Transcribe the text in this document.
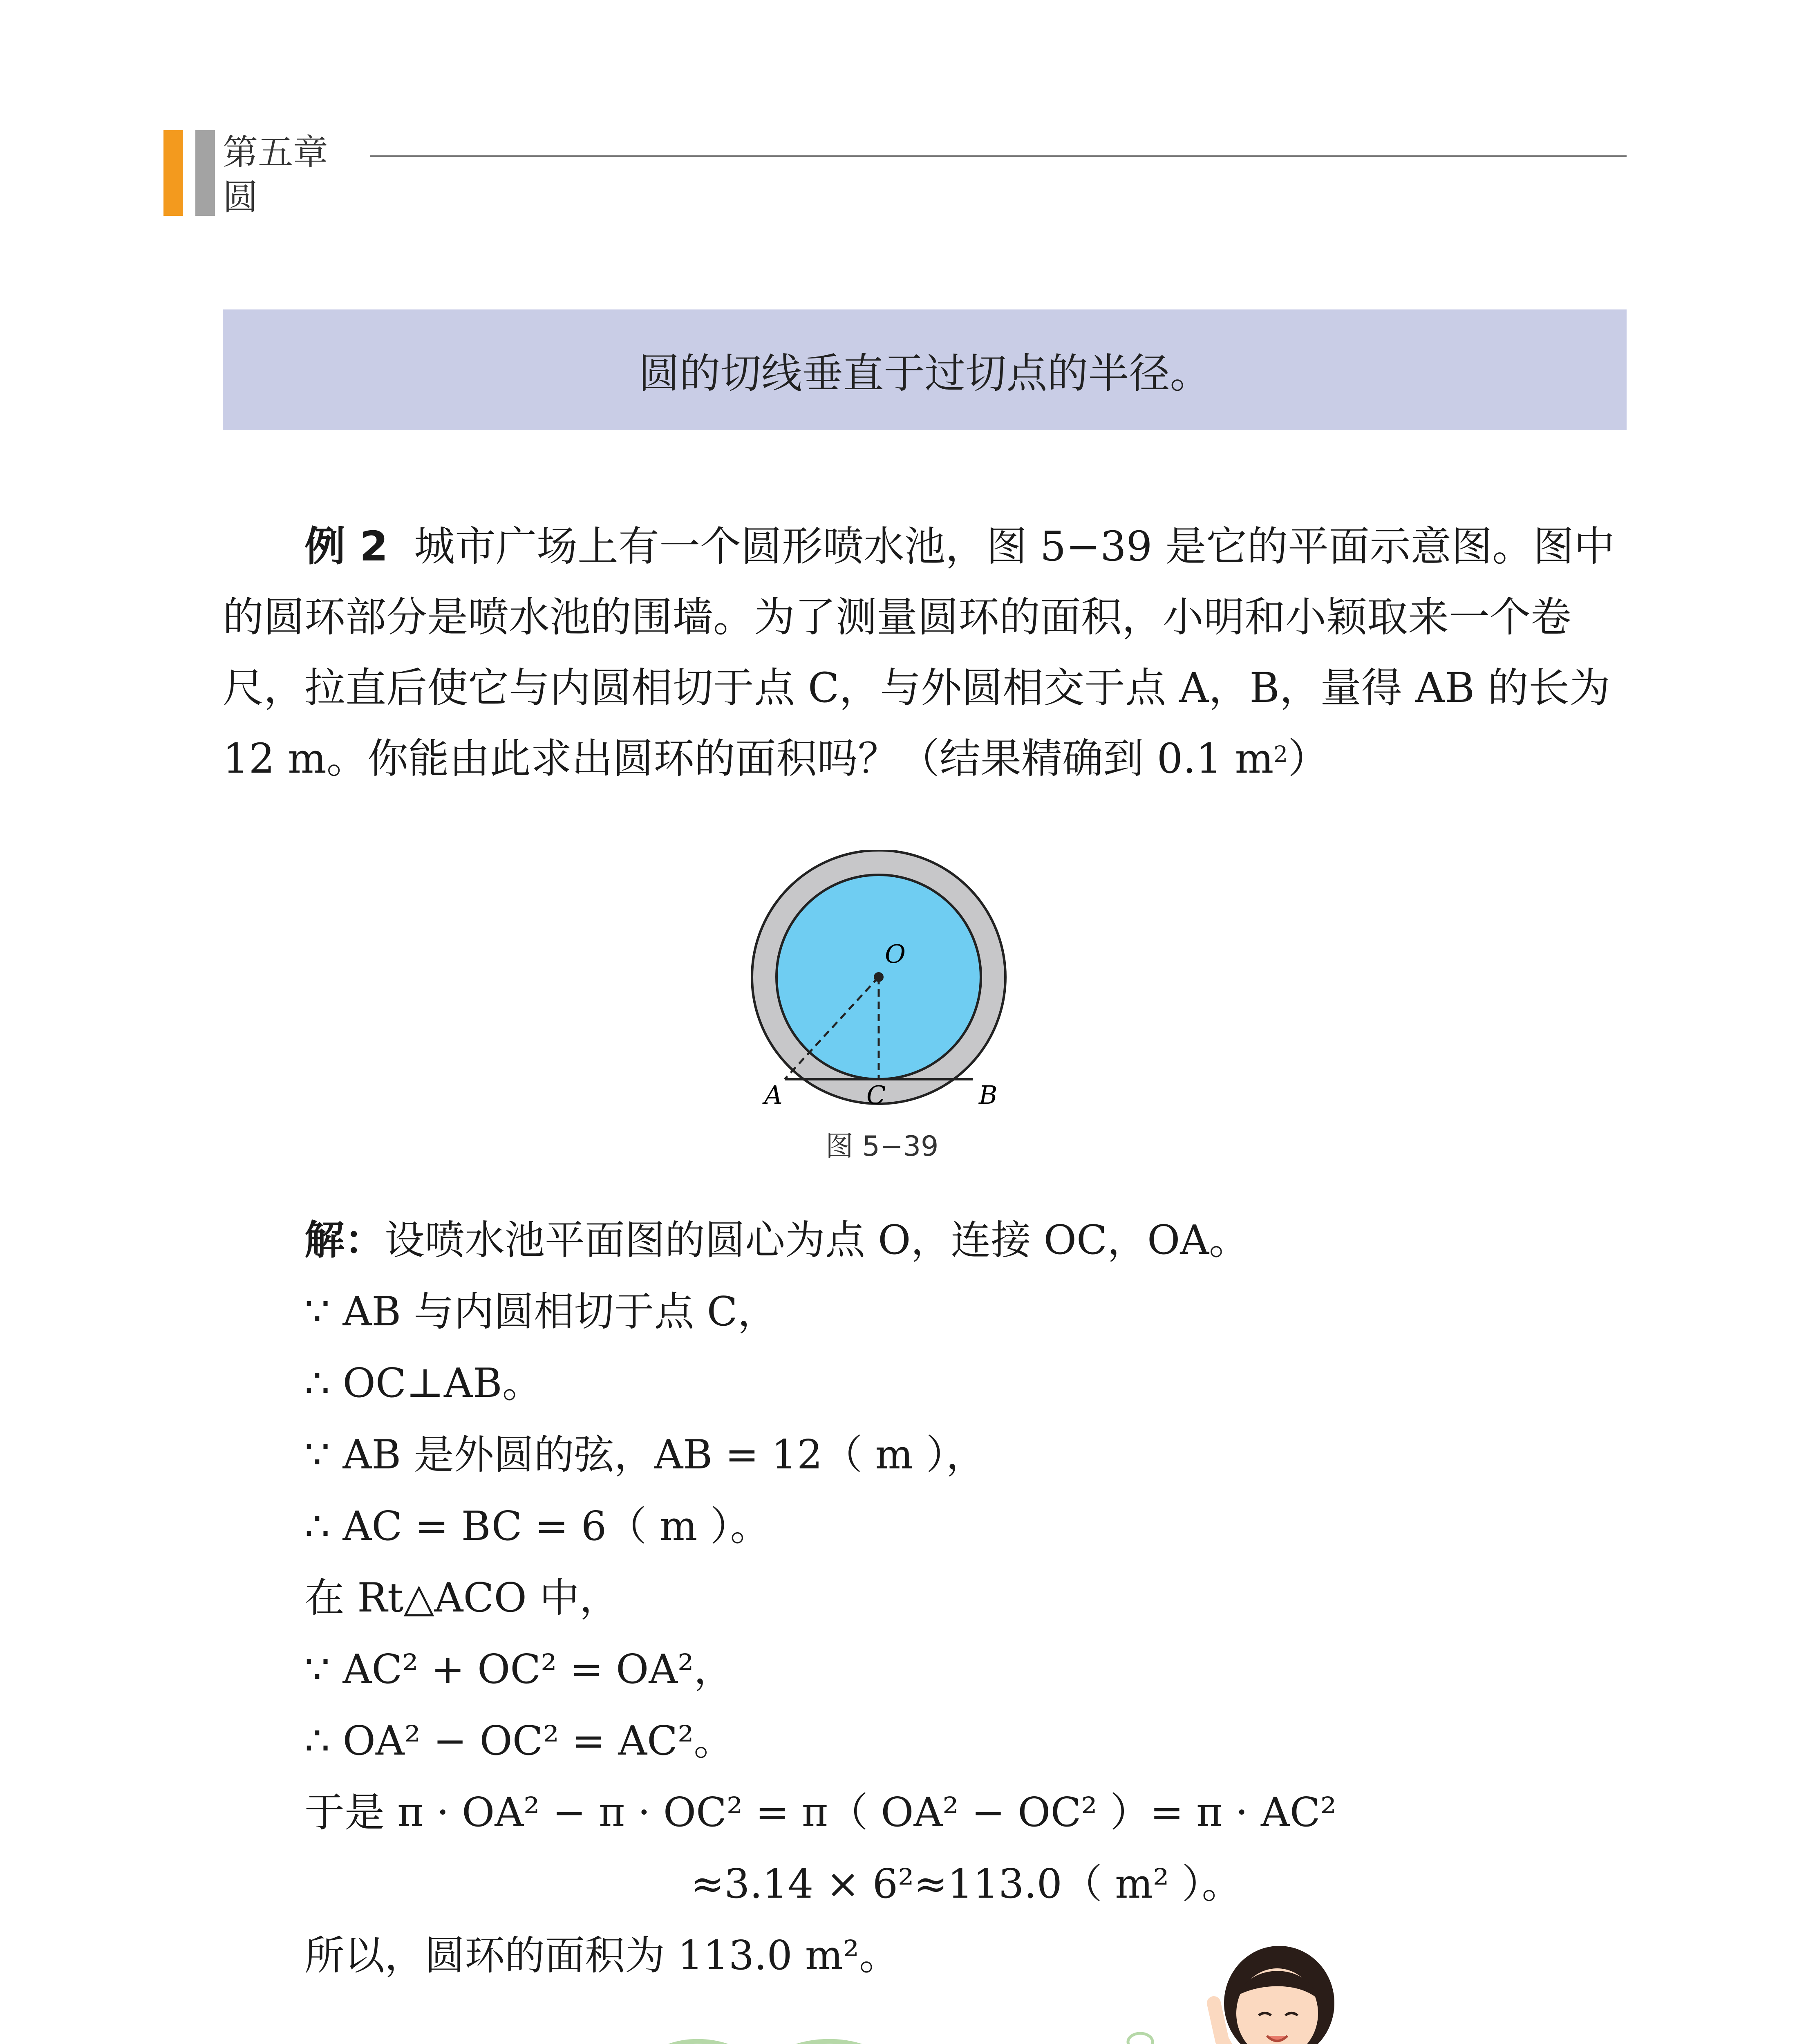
第五章
圆
圆的切线垂直于过切点的半径。

例 2 城市广场上有一个圆形喷水池，图 5−39 是它的平面示意图。图中

的圆环部分是喷水池的围墙。为了测量圆环的面积，小明和小颖取来一个卷

尺，拉直后使它与内圆相切于点 C，与外圆相交于点 A，B，量得 AB 的长为

12 m。你能由此求出圆环的面积吗？（结果精确到 0.1 $m^2$）

O
A	C	B
图 5−39
解：设喷水池平面图的圆心为点 O，连接 OC，OA。
∵ AB 与内圆相切于点 C，
∴ OC⊥AB。
∵ AB 是外圆的弦，AB = 12（ m ），
∴ AC = BC = 6（ m ）。
在 Rt△ACO 中，
∵ AC² + OC² = OA²，
∴ OA² − OC² = AC²。
于是 π · OA² − π · OC² = π（ OA² − OC² ）= π · AC²
≈3.14 × 6²≈113.0（ m² ）。
所以，圆环的面积为 113.0 m²。
